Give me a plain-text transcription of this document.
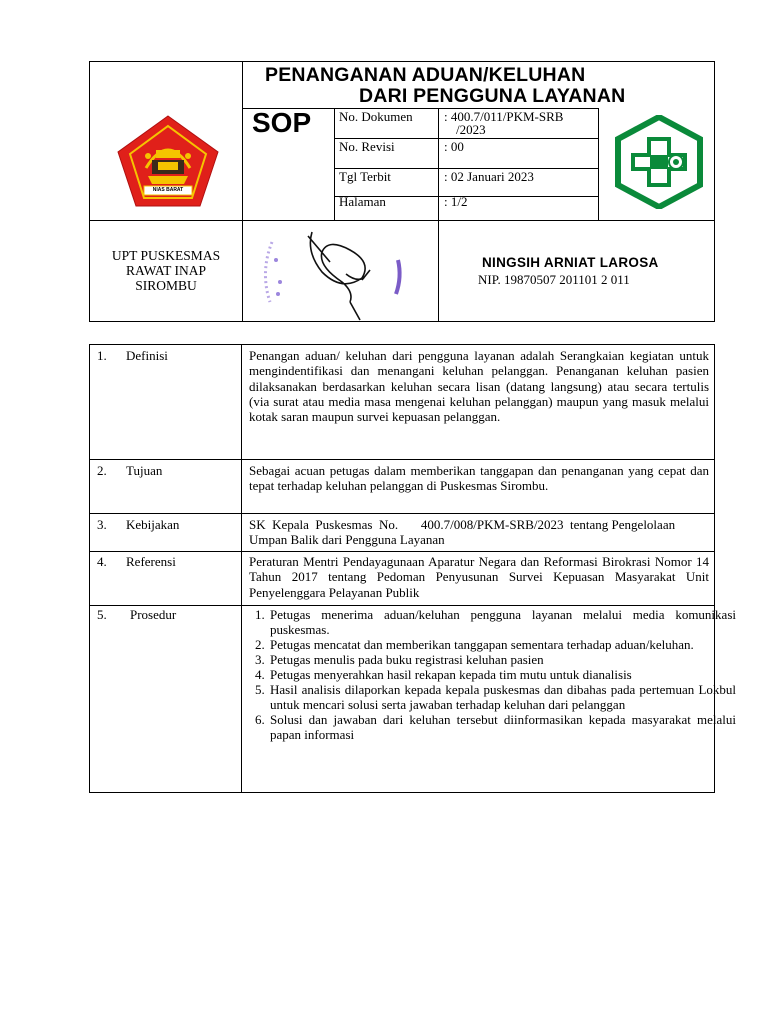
PENANGANAN ADUAN/KELUHAN
DARI PENGGUNA LAYANAN
SOP No. Dokumen : 400.7/011/PKM-SRB
/2023
No. Revisi	: 00
Tgl Terbit	: 02 Januari 2023
Halaman	: 1/2
NIAS BARAT
UPT PUSKESMAS
RAWAT INAP
SIROMBU
NINGSIH ARNIAT LAROSA
NIP. 19870507 201101 2 011
1. Definisi	Penangan aduan/ keluhan dari pengguna layanan adalah Serangkaian kegiatan untuk mengindentifikasi dan menangani keluhan pelanggan. Penanganan keluhan pasien dilaksanakan berdasarkan keluhan secara lisan (datang langsung) atau secara tertulis (via surat atau media masa mengenai keluhan pelanggan) maupun yang masuk melalui kotak saran maupun survei kepuasan pelanggan.
2. Tujuan	Sebagai acuan petugas dalam memberikan tanggapan dan penanganan yang cepat dan tepat terhadap keluhan pelanggan di Puskesmas Sirombu.
3. Kebijakan	SK  Kepala  Puskesmas  No.       400.7/008/PKM-SRB/2023  tentang Pengelolaan Umpan Balik dari Pengguna Layanan
4. Referensi	Peraturan Mentri Pendayagunaan Aparatur Negara dan Reformasi Birokrasi Nomor 14 Tahun 2017 tentang Pedoman Penyusunan Survei Kepuasan Masyarakat Unit Penyelenggara Pelayanan Publik
5. Prosedur
1.	Petugas menerima aduan/keluhan pengguna layanan melalui media komunikasi puskesmas.
2. Petugas mencatat dan memberikan tanggapan sementara terhadap aduan/keluhan.
3. Petugas menulis pada buku registrasi keluhan pasien
4. Petugas menyerahkan hasil rekapan kepada tim mutu untuk dianalisis
5. Hasil analisis dilaporkan kepada kepala puskesmas dan dibahas pada pertemuan Lokbul untuk mencari solusi serta jawaban terhadap keluhan dari pelanggan
6. Solusi dan jawaban dari keluhan tersebut diinformasikan kepada masyarakat melalui papan informasi
